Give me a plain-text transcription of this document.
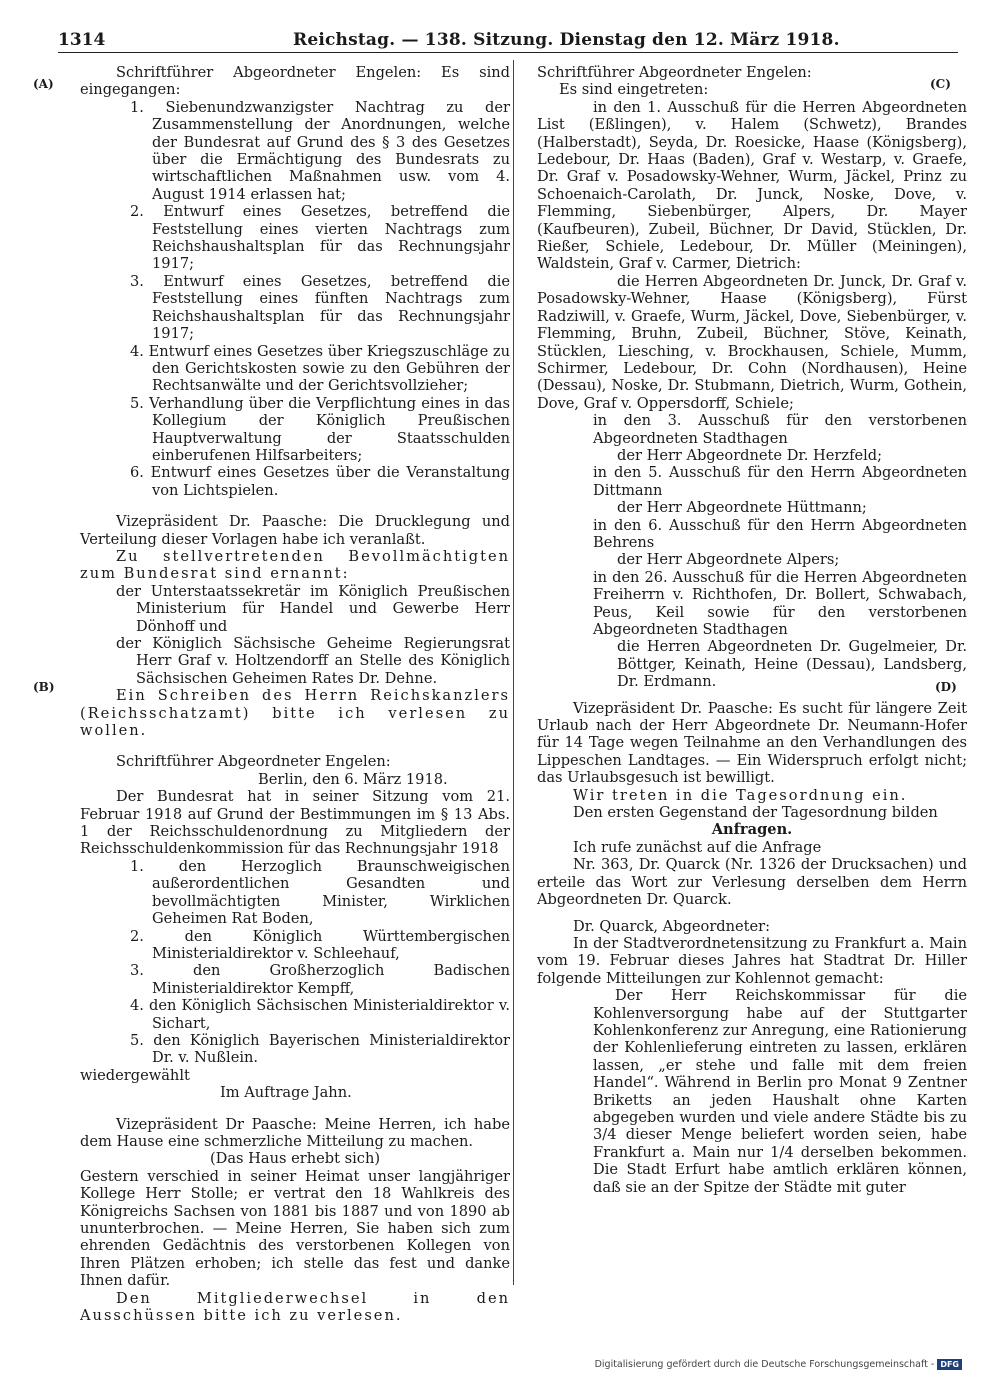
1314	Reichstag. — 138. Sitzung. Dienstag den 12. März 1918.
(A)
(B)
(C)
(D)

Schriftführer Abgeordneter Engelen: Es sind eingegangen:

1. Siebenundzwanzigster Nachtrag zu der Zusammenstellung der Anordnungen, welche der Bundesrat auf Grund des § 3 des Gesetzes über die Ermächtigung des Bundesrats zu wirtschaftlichen Maßnahmen usw. vom 4. August 1914 erlassen hat;

2. Entwurf eines Gesetzes, betreffend die Feststellung eines vierten Nachtrags zum Reichshaushaltsplan für das Rechnungsjahr 1917;

3. Entwurf eines Gesetzes, betreffend die Feststellung eines fünften Nachtrags zum Reichshaushaltsplan für das Rechnungsjahr 1917;

4. Entwurf eines Gesetzes über Kriegszuschläge zu den Gerichtskosten sowie zu den Gebühren der Rechtsanwälte und der Gerichtsvollzieher;

5. Verhandlung über die Verpflichtung eines in das Kollegium der Königlich Preußischen Hauptverwaltung der Staatsschulden einberufenen Hilfsarbeiters;

6. Entwurf eines Gesetzes über die Veranstaltung von Lichtspielen.

Vizepräsident Dr. Paasche: Die Drucklegung und Verteilung dieser Vorlagen habe ich veranlaßt.

Zu stellvertretenden Bevollmächtigten zum Bundesrat sind ernannt:

der Unterstaatssekretär im Königlich Preußischen Ministerium für Handel und Gewerbe Herr Dönhoff und

der Königlich Sächsische Geheime Regierungsrat Herr Graf v. Holtzendorff an Stelle des Königlich Sächsischen Geheimen Rates Dr. Dehne.

Ein Schreiben des Herrn Reichskanzlers (Reichsschatzamt) bitte ich verlesen zu wollen.

Schriftführer Abgeordneter Engelen:

Berlin, den 6. März 1918.

Der Bundesrat hat in seiner Sitzung vom 21. Februar 1918 auf Grund der Bestimmungen im § 13 Abs. 1 der Reichsschuldenordnung zu Mitgliedern der Reichsschuldenkommission für das Rechnungsjahr 1918

1. den Herzoglich Braunschweigischen außerordentlichen Gesandten und bevollmächtigten Minister, Wirklichen Geheimen Rat Boden,

2. den Königlich Württembergischen Ministerialdirektor v. Schleehauf,

3. den Großherzoglich Badischen Ministerialdirektor Kempff,

4. den Königlich Sächsischen Ministerialdirektor v. Sichart,

5. den Königlich Bayerischen Ministerialdirektor Dr. v. Nußlein.

wiedergewählt

Im Auftrage Jahn.

Vizepräsident Dr Paasche: Meine Herren, ich habe dem Hause eine schmerzliche Mitteilung zu machen.

(Das Haus erhebt sich)

Gestern verschied in seiner Heimat unser langjähriger Kollege Herr Stolle; er vertrat den 18 Wahlkreis des Königreichs Sachsen von 1881 bis 1887 und von 1890 ab ununterbrochen. — Meine Herren, Sie haben sich zum ehrenden Gedächtnis des verstorbenen Kollegen von Ihren Plätzen erhoben; ich stelle das fest und danke Ihnen dafür.

Den Mitgliederwechsel in den Ausschüssen bitte ich zu verlesen.

Schriftführer Abgeordneter Engelen:

Es sind eingetreten:

in den 1. Ausschuß für die Herren Abgeordneten List (Eßlingen), v. Halem (Schwetz), Brandes (Halberstadt), Seyda, Dr. Roesicke, Haase (Königsberg), Ledebour, Dr. Haas (Baden), Graf v. Westarp, v. Graefe, Dr. Graf v. Posadowsky-Wehner, Wurm, Jäckel, Prinz zu Schoenaich-Carolath, Dr. Junck, Noske, Dove, v. Flemming, Siebenbürger, Alpers, Dr. Mayer (Kaufbeuren), Zubeil, Büchner, Dr David, Stücklen, Dr. Rießer, Schiele, Ledebour, Dr. Müller (Meiningen), Waldstein, Graf v. Carmer, Dietrich:

die Herren Abgeordneten Dr. Junck, Dr. Graf v. Posadowsky-Wehner, Haase (Königsberg), Fürst Radziwill, v. Graefe, Wurm, Jäckel, Dove, Siebenbürger, v. Flemming, Bruhn, Zubeil, Büchner, Stöve, Keinath, Stücklen, Liesching, v. Brockhausen, Schiele, Mumm, Schirmer, Ledebour, Dr. Cohn (Nordhausen), Heine (Dessau), Noske, Dr. Stubmann, Dietrich, Wurm, Gothein, Dove, Graf v. Oppersdorff, Schiele;

in den 3. Ausschuß für den verstorbenen Abgeordneten Stadthagen

der Herr Abgeordnete Dr. Herzfeld;

in den 5. Ausschuß für den Herrn Abgeordneten Dittmann

der Herr Abgeordnete Hüttmann;

in den 6. Ausschuß für den Herrn Abgeordneten Behrens

der Herr Abgeordnete Alpers;

in den 26. Ausschuß für die Herren Abgeordneten Freiherrn v. Richthofen, Dr. Bollert, Schwabach, Peus, Keil sowie für den verstorbenen Abgeordneten Stadthagen

die Herren Abgeordneten Dr. Gugelmeier, Dr. Böttger, Keinath, Heine (Dessau), Landsberg, Dr. Erdmann.

Vizepräsident Dr. Paasche: Es sucht für längere Zeit Urlaub nach der Herr Abgeordnete Dr. Neumann-Hofer für 14 Tage wegen Teilnahme an den Verhandlungen des Lippeschen Landtages. — Ein Widerspruch erfolgt nicht; das Urlaubsgesuch ist bewilligt.

Wir treten in die Tagesordnung ein.

Den ersten Gegenstand der Tagesordnung bilden

Anfragen.

Ich rufe zunächst auf die Anfrage

Nr. 363, Dr. Quarck (Nr. 1326 der Drucksachen) und erteile das Wort zur Verlesung derselben dem Herrn Abgeordneten Dr. Quarck.

Dr. Quarck, Abgeordneter:

In der Stadtverordnetensitzung zu Frankfurt a. Main vom 19. Februar dieses Jahres hat Stadtrat Dr. Hiller folgende Mitteilungen zur Kohlennot gemacht:

Der Herr Reichskommissar für die Kohlenversorgung habe auf der Stuttgarter Kohlenkonferenz zur Anregung, eine Rationierung der Kohlenlieferung eintreten zu lassen, erklären lassen, „er stehe und falle mit dem freien Handel“. Während in Berlin pro Monat 9 Zentner Briketts an jeden Haushalt ohne Karten abgegeben wurden und viele andere Städte bis zu 3/4 dieser Menge beliefert worden seien, habe Frankfurt a. Main nur 1/4 derselben bekommen. Die Stadt Erfurt habe amtlich erklären können, daß sie an der Spitze der Städte mit guter

Digitalisierung gefördert durch die Deutsche Forschungsgemeinschaft - DFG
